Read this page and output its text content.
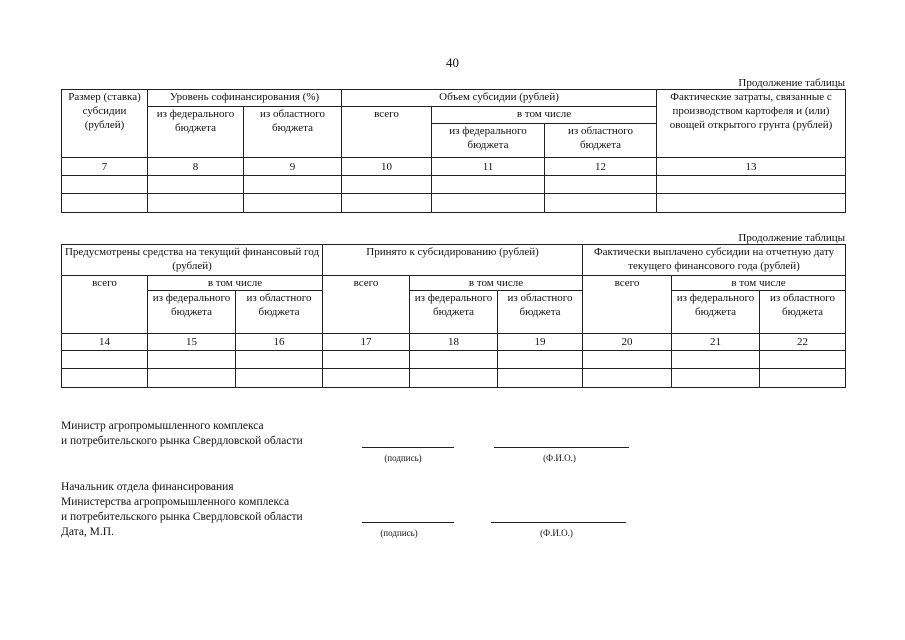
40
Продолжение таблицы
Размер (ставка) субсидии (рублей)	Уровень софинансирования (%)		Объем субсидии (рублей)			Фактические затраты, связанные с производством картофеля и (или) овощей открытого грунта (рублей)
	из федерального бюджета	из областного бюджета	всего	в том числе		
				из федерального бюджета	из областного бюджета	
7	8	9	10	11	12	13

Продолжение таблицы
Предусмотрены средства на текущий финансовый год (рублей)			Принято к субсидированию (рублей)			Фактически выплачено субсидии на отчетную дату текущего финансового года (рублей)		
всего	в том числе		всего	в том числе		всего	в том числе	
	из федерального бюджета	из областного бюджета		из федерального бюджета	из областного бюджета		из федерального бюджета	из областного бюджета
14	15	16	17	18	19	20	21	22

Министр агропромышленного комплекса
и потребительского рынка Свердловской области
(подпись)	(Ф.И.О.)
Начальник отдела финансирования
Министерства агропромышленного комплекса
и потребительского рынка Свердловской области
Дата, М.П.	(подпись)	(Ф.И.О.)
